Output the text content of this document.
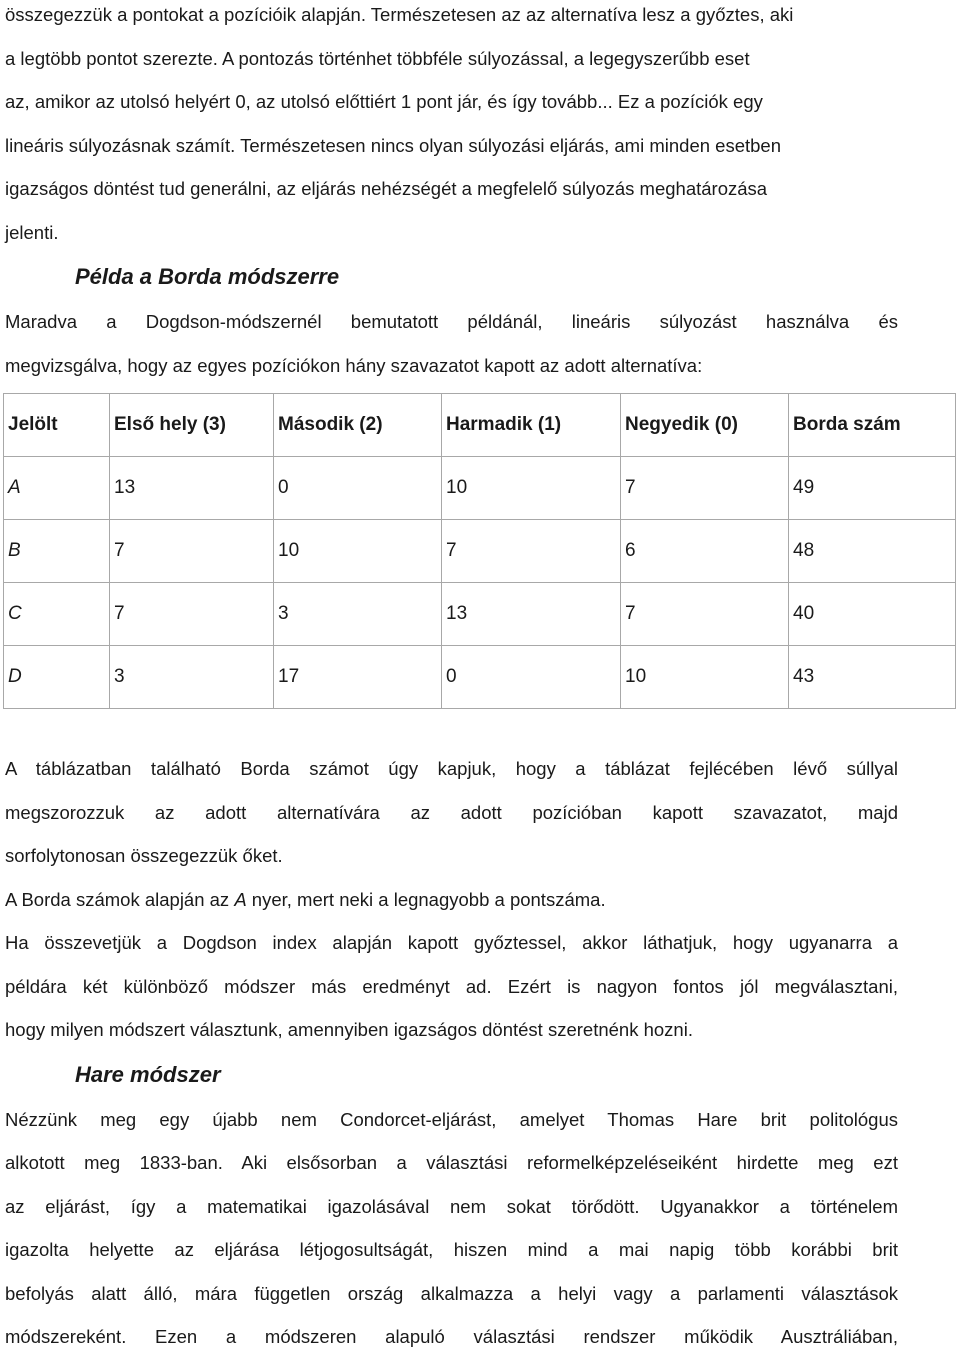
összegezzük a pontokat a pozícióik alapján. Természetesen az az alternatíva lesz a győztes, aki

a legtöbb pontot szerezte. A pontozás történhet többféle súlyozással, a legegyszerűbb eset

az, amikor az utolsó helyért 0, az utolsó előttiért 1 pont jár, és így tovább... Ez a pozíciók egy

lineáris súlyozásnak számít. Természetesen nincs olyan súlyozási eljárás, ami minden esetben

igazságos döntést tud generálni, az eljárás nehézségét a megfelelő súlyozás meghatározása

jelenti.

Példa a Borda módszerre

Maradva a Dogdson-módszernél bemutatott példánál, lineáris súlyozást használva és

megvizsgálva, hogy az egyes pozíciókon hány szavazatot kapott az adott alternatíva:

Jelölt	Első hely (3)	Második (2)	Harmadik (1)	Negyedik (0)	Borda szám
A	13	0	10	7	49
B	7	10	7	6	48
C	7	3	13	7	40
D	3	17	0	10	43

A táblázatban található Borda számot úgy kapjuk, hogy a táblázat fejlécében lévő súllyal

megszorozzuk az adott alternatívára az adott pozícióban kapott szavazatot, majd

sorfolytonosan összegezzük őket.

A Borda számok alapján az A nyer, mert neki a legnagyobb a pontszáma.

Ha összevetjük a Dogdson index alapján kapott győztessel, akkor láthatjuk, hogy ugyanarra a

példára két különböző módszer más eredményt ad. Ezért is nagyon fontos jól megválasztani,

hogy milyen módszert választunk, amennyiben igazságos döntést szeretnénk hozni.

Hare módszer

Nézzünk meg egy újabb nem Condorcet-eljárást, amelyet Thomas Hare brit politológus

alkotott meg 1833-ban. Aki elsősorban a választási reformelképzeléseiként hirdette meg ezt

az eljárást, így a matematikai igazolásával nem sokat törődött. Ugyanakkor a történelem

igazolta helyette az eljárása létjogosultságát, hiszen mind a mai napig több korábbi brit

befolyás alatt álló, mára független ország alkalmazza a helyi vagy a parlamenti választások

módszereként. Ezen a módszeren alapuló választási rendszer működik Ausztráliában,
